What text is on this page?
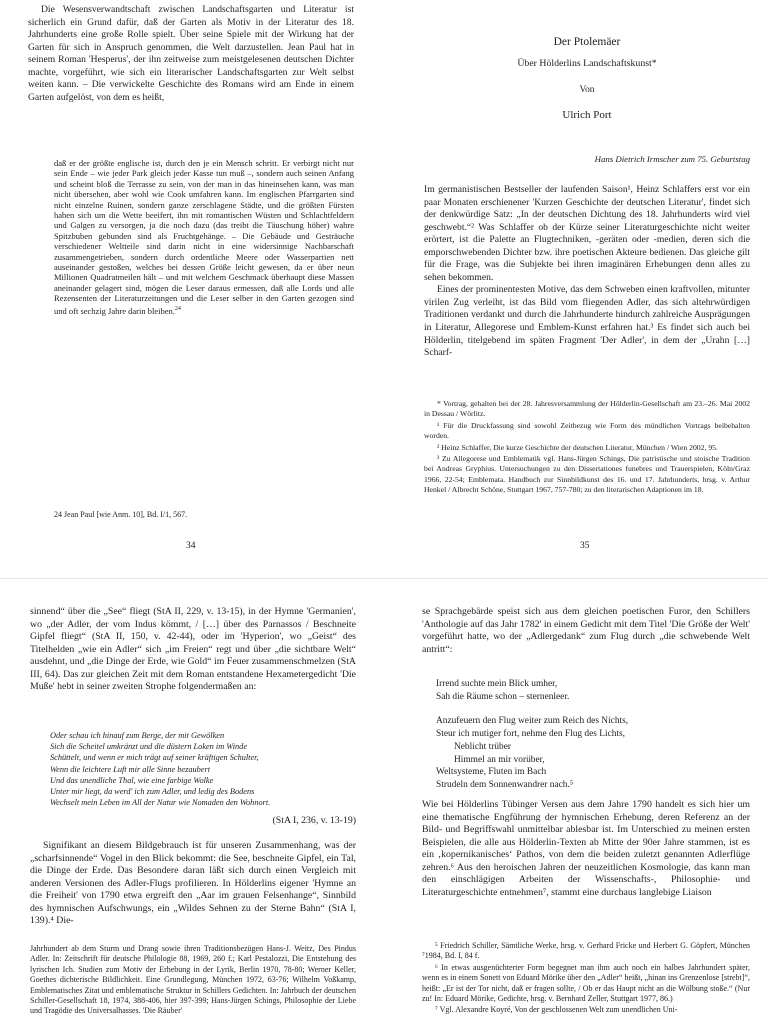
Die Wesensverwandtschaft zwischen Landschaftsgarten und Literatur ist sicherlich ein Grund dafür, daß der Garten als Motiv in der Literatur des 18. Jahrhunderts eine große Rolle spielt. Über seine Spiele mit der Wirkung hat der Garten für sich in Anspruch genommen, die Welt darzustellen. Jean Paul hat in seinem Roman 'Hesperus', der ihn zeitweise zum meistgelesenen deutschen Dichter machte, vorgeführt, wie sich ein literarischer Landschaftsgarten zur Welt selbst weiten kann. – Die verwickelte Geschichte des Romans wird am Ende in einem Garten aufgelöst, von dem es heißt,

daß er der größte englische ist, durch den je ein Mensch schritt. Er verbirgt nicht nur sein Ende – wie jeder Park gleich jeder Kasse tun muß –, sondern auch seinen Anfang und scheint bloß die Terrasse zu sein, von der man in das hineinsehen kann, was man nicht übersehen, aber wohl wie Cook umfahren kann. Im englischen Pfarrgarten sind nicht einzelne Ruinen, sondern ganze zerschlagene Städte, und die größten Fürsten haben sich um die Wette beeifert, ihn mit romantischen Wüsten und Schlachtfeldern und Galgen zu versorgen, ja die noch dazu (das treibt die Täuschung höher) wahre Spitzbuben gebunden sind als Fruchtgehänge. – Die Gebäude und Gesträuche verschiedener Weltteile sind darin nicht in eine widersinnige Nachbarschaft zusammengetrieben, sondern durch ordentliche Meere oder Wasserpartien nett auseinander gestoßen, welches bei dessen Größe leicht gewesen, da er über neun Millionen Quadratmeilen hält – und mit welchem Geschmack überhaupt diese Massen aneinander gelagert sind, mögen die Leser daraus ermessen, daß alle Lords und alle Rezensenten der Literaturzeitungen und die Leser selber in den Garten gezogen sind und oft sechzig Jahre darin bleiben.$^{24}$
24 Jean Paul [wie Anm. 10], Bd. I/1, 567.
34
Der Ptolemäer
Über Hölderlins Landschaftskunst*
Von
Ulrich Port
Hans Dietrich Irmscher zum 75. Geburtstag

Im germanistischen Bestseller der laufenden Saison¹, Heinz Schlaffers erst vor ein paar Monaten erschienener 'Kurzen Geschichte der deutschen Literatur', findet sich der denkwürdige Satz: „In der deutschen Dichtung des 18. Jahrhunderts wird viel geschwebt.“² Was Schlaffer ob der Kürze seiner Literaturgeschichte nicht weiter erörtert, ist die Palette an Flugtechniken, -geräten oder -medien, deren sich die emporschwebenden Dichter bzw. ihre poetischen Akteure bedienen. Das gleiche gilt für die Frage, was die Subjekte bei ihren imaginären Erhebungen denn alles zu sehen bekommen.

Eines der prominentesten Motive, das dem Schweben einen kraftvollen, mitunter virilen Zug verleiht, ist das Bild vom fliegenden Adler, das sich altehrwürdigen Traditionen verdankt und durch die Jahrhunderte hindurch zahlreiche Ausprägungen in Literatur, Allegorese und Emblem-Kunst erfahren hat.³ Es findet sich auch bei Hölderlin, titelgebend im späten Fragment 'Der Adler', in dem der „Urahn […] Scharf-

* Vortrag, gehalten bei der 28. Jahresversammlung der Hölderlin-Gesellschaft am 23.–26. Mai 2002 in Dessau / Wörlitz.

¹ Für die Druckfassung sind sowohl Zeitbezug wie Form des mündlichen Vortrags beibehalten worden.

² Heinz Schlaffer, Die kurze Geschichte der deutschen Literatur, München / Wien 2002, 95.

³ Zu Allegorese und Emblematik vgl. Hans-Jürgen Schings, Die patristische und stoische Tradition bei Andreas Gryphius. Untersuchungen zu den Dissertationes funebres und Trauerspielen, Köln/Graz 1966, 22-54; Emblemata. Handbuch zur Sinnbildkunst des 16. und 17. Jahrhunderts, hrsg. v. Arthur Henkel / Albrecht Schöne, Stuttgart 1967, 757-780; zu den literarischen Adaptionen im 18.

35

sinnend“ über die „See“ fliegt (StA II, 229, v. 13-15), in der Hymne 'Germanien', wo „der Adler, der vom Indus kömmt, / […] über des Parnassos / Beschneite Gipfel fliegt“ (StA II, 150, v. 42-44), oder im 'Hyperion', wo „Geist“ des Titelhelden „wie ein Adler“ sich „im Freien“ regt und über „die sichtbare Welt“ ausdehnt, und „die Dinge der Erde, wie Gold“ im Feuer zusammenschmelzen (StA III, 64). Das zur gleichen Zeit mit dem Roman entstandene Hexametergedicht 'Die Muße' hebt in seiner zweiten Strophe folgendermaßen an:

Oder schau ich hinauf zum Berge, der mit Gewölken
Sich die Scheitel umkränzt und die düstern Loken im Winde
Schüttelt, und wenn er mich trägt auf seiner kräftigen Schulter,
Wenn die leichtere Luft mir alle Sinne bezaubert
Und das unendliche Thal, wie eine farbige Wolke
Unter mir liegt, da werd' ich zum Adler, und ledig des Bodens
Wechselt mein Leben im All der Natur wie Nomaden den Wohnort.
(StA I, 236, v. 13-19)

Signifikant an diesem Bildgebrauch ist für unseren Zusammenhang, was der „scharfsinnende“ Vogel in den Blick bekommt: die See, beschneite Gipfel, ein Tal, die Dinge der Erde. Das Besondere daran läßt sich durch einen Vergleich mit anderen Versionen des Adler-Flugs profilieren. In Hölderlins eigener 'Hymne an die Freiheit' von 1790 etwa ergreift den „Aar im grauen Felsenhange“, Sinnbild des hymnischen Aufschwungs, ein „Wildes Sehnen zu der Sterne Bahn“ (StA I, 139).⁴ Die-

Jahrhundert ab dem Sturm und Drang sowie ihren Traditionsbezügen Hans-J. Weitz, Des Pindus Adler. In: Zeitschrift für deutsche Philologie 88, 1969, 260 f.; Karl Pestalozzi, Die Entstehung des lyrischen Ich. Studien zum Motiv der Erhebung in der Lyrik, Berlin 1970, 78-80; Werner Keller, Goethes dichterische Bildlichkeit. Eine Grundlegung, München 1972, 63-76; Wilhelm Voßkamp, Emblematisches Zitat und emblematische Struktur in Schillers Gedichten. In: Jahrbuch der deutschen Schiller-Gesellschaft 18, 1974, 388-406, hier 397-399; Hans-Jürgen Schings, Philosophie der Liebe und Tragödie des Universalhasses. 'Die Räuber'

se Sprachgebärde speist sich aus dem gleichen poetischen Furor, den Schillers 'Anthologie auf das Jahr 1782' in einem Gedicht mit dem Titel 'Die Größe der Welt' vorgeführt hatte, wo der „Adlergedank“ zum Flug durch „die schwebende Welt antritt“:

Irrend suchte mein Blick umher,
Sah die Räume schon – sternenleer.
Anzufeuern den Flug weiter zum Reich des Nichts,
Steur ich mutiger fort, nehme den Flug des Lichts,
Neblicht trüber
Himmel an mir vorüber,
Weltsysteme, Fluten im Bach
Strudeln dem Sonnenwandrer nach.⁵

Wie bei Hölderlins Tübinger Versen aus dem Jahre 1790 handelt es sich hier um eine thematische Engführung der hymnischen Erhebung, deren Referenz an der Bild- und Begriffswahl unmittelbar ablesbar ist. Im Unterschied zu meinen ersten Beispielen, die alle aus Hölderlin-Texten ab Mitte der 90er Jahre stammen, ist es ein ‚kopernikanisches‘ Pathos, von dem die beiden zuletzt genannten Adlerflüge zehren.⁶ Aus den heroischen Jahren der neuzeitlichen Kosmologie, das kann man den einschlägigen Arbeiten der Wissenschafts-, Philosophie- und Literaturgeschichte entnehmen⁷, stammt eine durchaus langlebige Liaison

⁵ Friedrich Schiller, Sämtliche Werke, hrsg. v. Gerhard Fricke und Herbert G. Göpfert, München ⁷1984, Bd. I, 84 f.

⁶ In etwas ausgenüchterter Form begegnet man ihm auch noch ein halbes Jahrhundert später, wenn es in einem Sonett von Eduard Mörike über den „Adler“ heißt, „hinan ins Grenzenlose [strebt]“, heißt: „Er ist der Tor nicht, daß er fragen sollte, / Ob er das Haupt nicht an die Wölbung stoße.“ (Nur zu! In: Eduard Mörike, Gedichte, hrsg. v. Bernhard Zeller, Stuttgart 1977, 86.)

⁷ Vgl. Alexandre Koyré, Von der geschlossenen Welt zum unendlichen Uni-
